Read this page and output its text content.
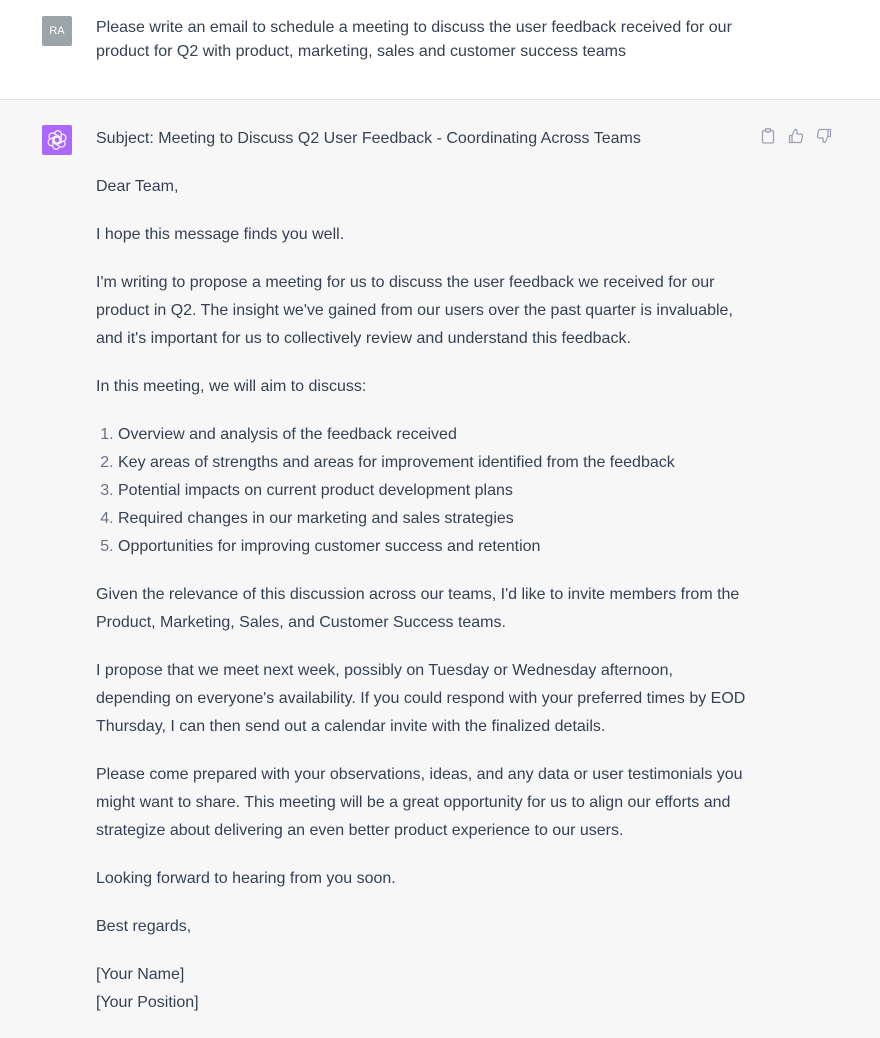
RA	Please write an email to schedule a meeting to discuss the user feedback received for our product for Q2 with product, marketing, sales and customer success teams

Subject: Meeting to Discuss Q2 User Feedback - Coordinating Across Teams

Dear Team,

I hope this message finds you well.

I'm writing to propose a meeting for us to discuss the user feedback we received for our product in Q2. The insight we've gained from our users over the past quarter is invaluable, and it's important for us to collectively review and understand this feedback.

In this meeting, we will aim to discuss:

1. Overview and analysis of the feedback received
2. Key areas of strengths and areas for improvement identified from the feedback
3. Potential impacts on current product development plans
4. Required changes in our marketing and sales strategies
5. Opportunities for improving customer success and retention

Given the relevance of this discussion across our teams, I'd like to invite members from the Product, Marketing, Sales, and Customer Success teams.

I propose that we meet next week, possibly on Tuesday or Wednesday afternoon, depending on everyone's availability. If you could respond with your preferred times by EOD Thursday, I can then send out a calendar invite with the finalized details.

Please come prepared with your observations, ideas, and any data or user testimonials you might want to share. This meeting will be a great opportunity for us to align our efforts and strategize about delivering an even better product experience to our users.

Looking forward to hearing from you soon.

Best regards,

[Your Name]

[Your Position]
